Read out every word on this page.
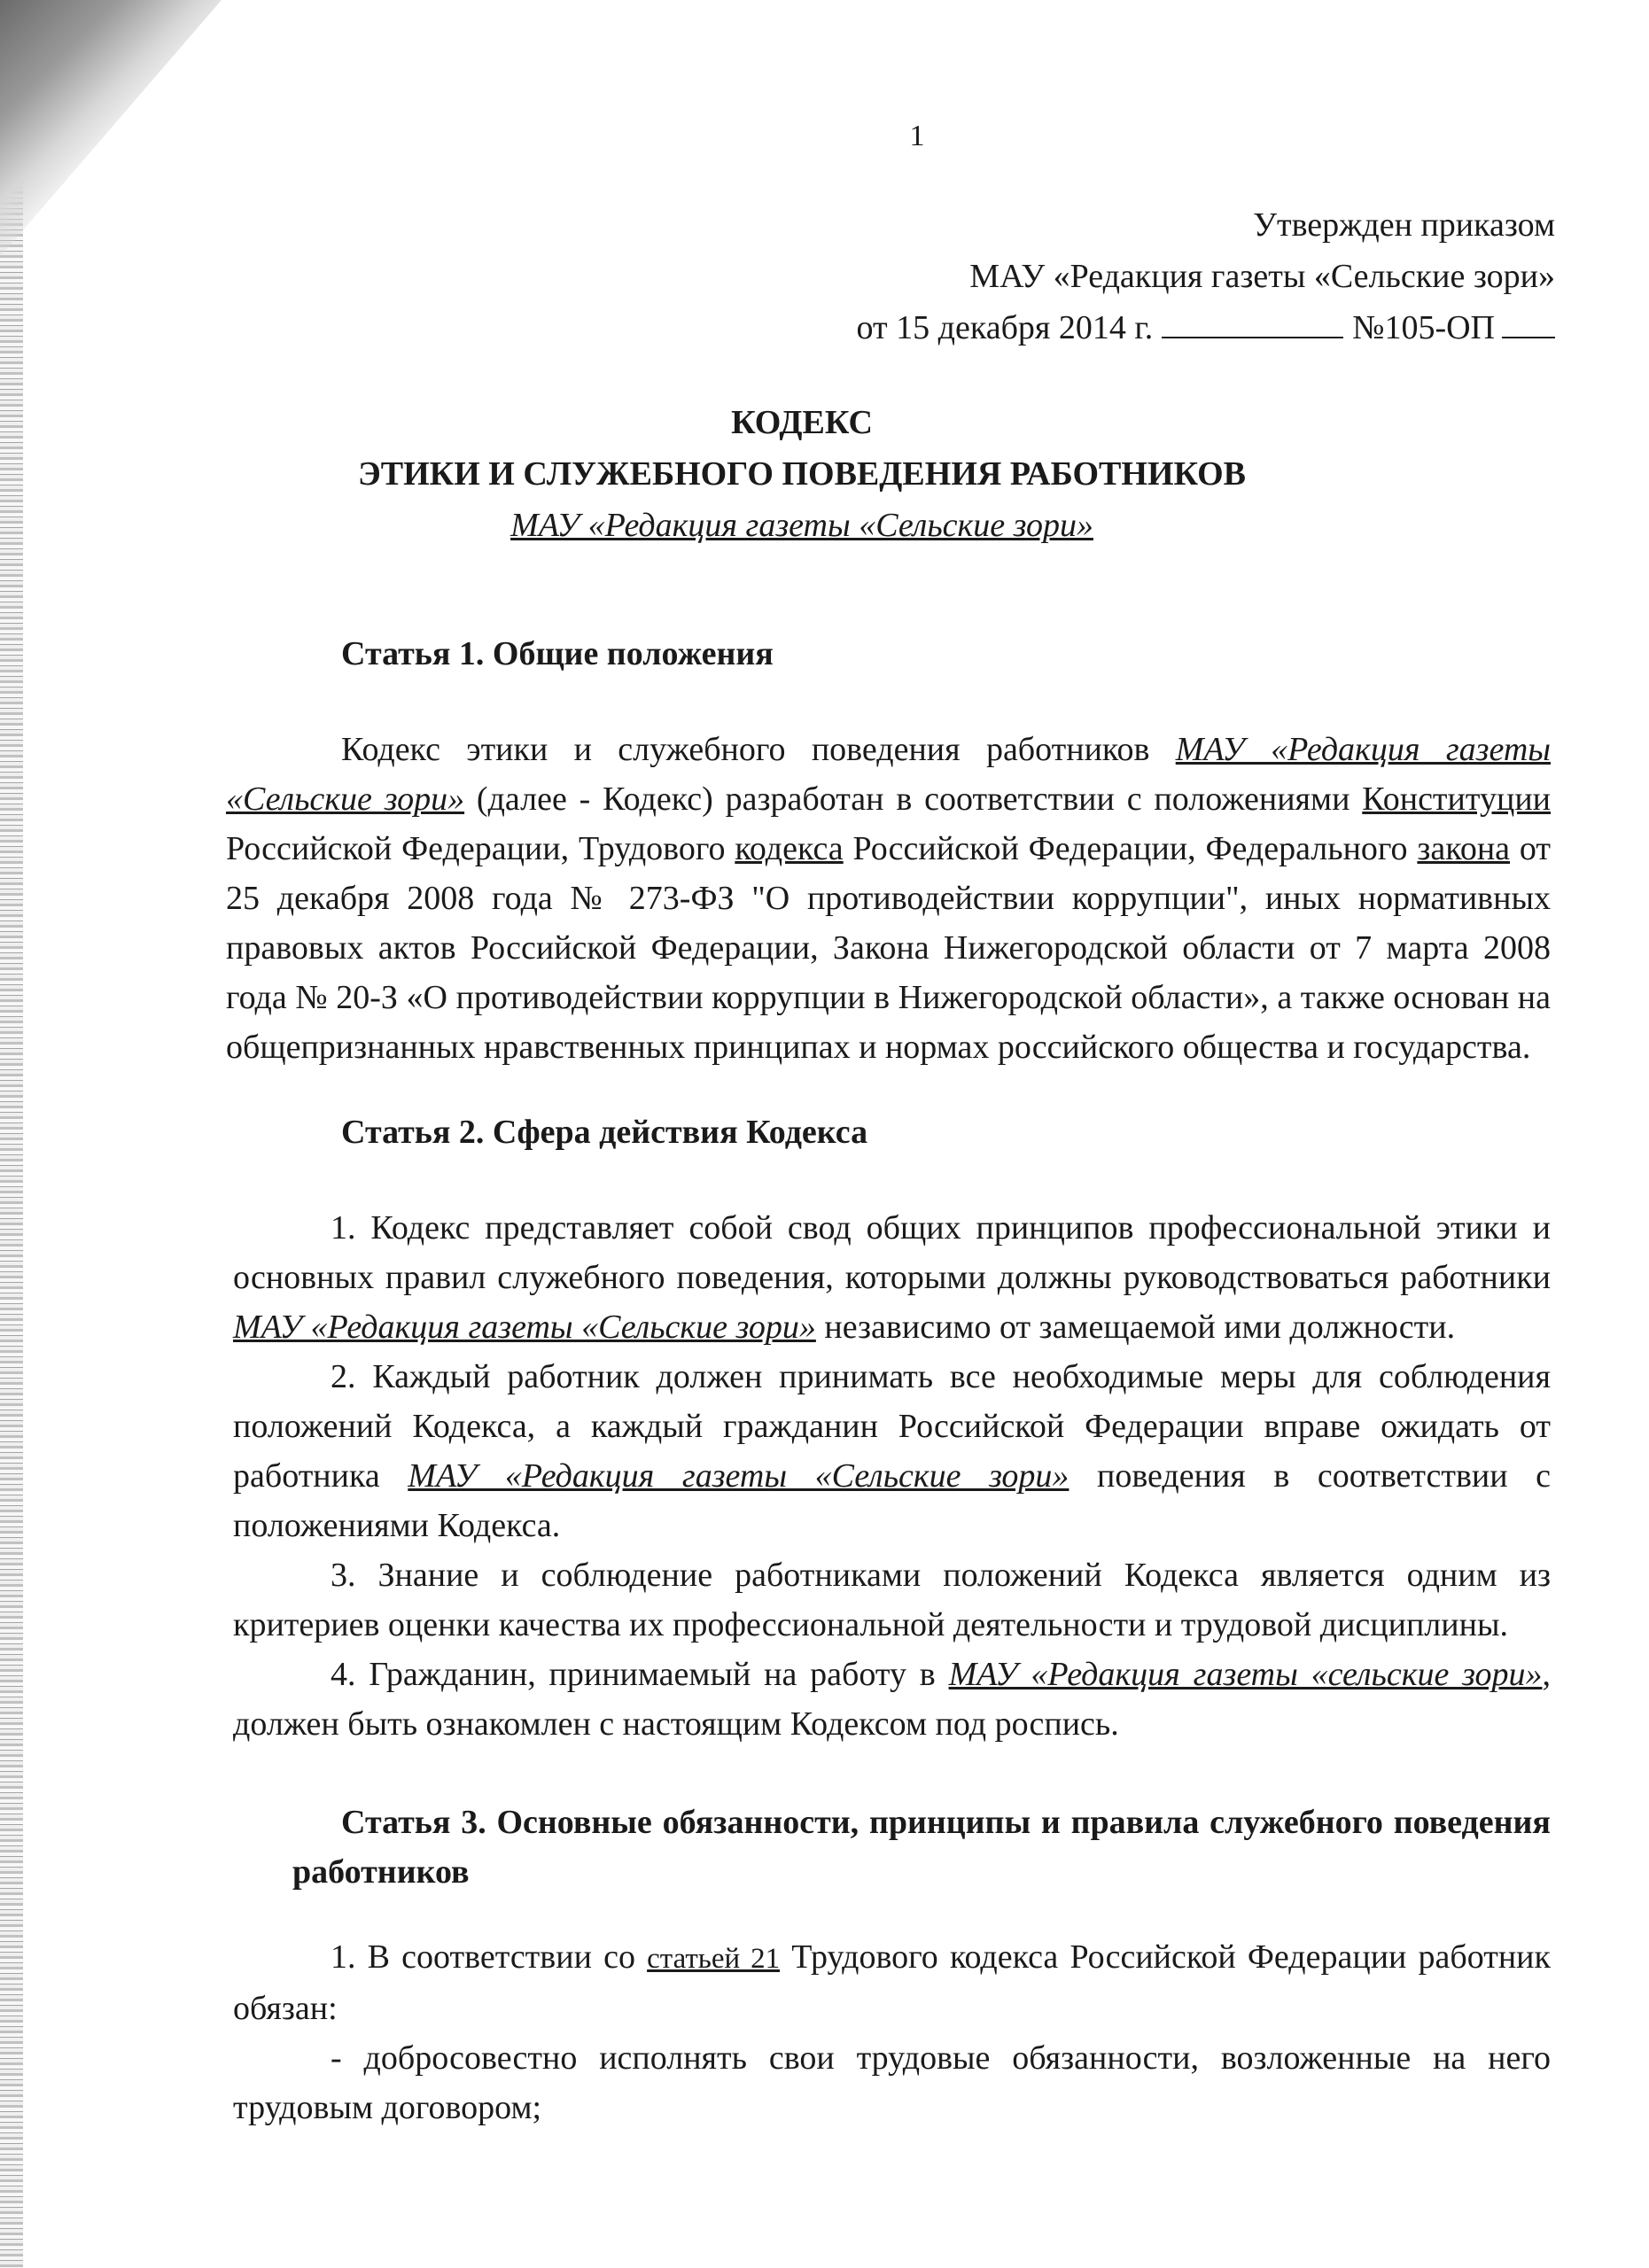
1
Утвержден приказом
МАУ «Редакция газеты «Сельские зори»
от 15 декабря 2014 г.	№105-ОП
КОДЕКС
ЭТИКИ И СЛУЖЕБНОГО ПОВЕДЕНИЯ РАБОТНИКОВ
МАУ «Редакция газеты «Сельские зори»
Статья 1. Общие положения

Кодекс этики и служебного поведения работников МАУ «Редакция газеты «Сельские зори» (далее - Кодекс) разработан в соответствии с положениями Конституции Российской Федерации, Трудового кодекса Российской Федерации, Федерального закона от 25 декабря 2008 года № 273-ФЗ "О противодействии коррупции", иных нормативных правовых актов Российской Федерации, Закона Нижегородской области от 7 марта 2008 года № 20-З «О противодействии коррупции в Нижегородской области», а также основан на общепризнанных нравственных принципах и нормах российского общества и государства.

Статья 2. Сфера действия Кодекса

1. Кодекс представляет собой свод общих принципов профессиональной этики и основных правил служебного поведения, которыми должны руководствоваться работники МАУ «Редакция газеты «Сельские зори» независимо от замещаемой ими должности.

2. Каждый работник должен принимать все необходимые меры для соблюдения положений Кодекса, а каждый гражданин Российской Федерации вправе ожидать от работника МАУ «Редакция газеты «Сельские зори» поведения в соответствии с положениями Кодекса.

3. Знание и соблюдение работниками положений Кодекса является одним из критериев оценки качества их профессиональной деятельности и трудовой дисциплины.

4. Гражданин, принимаемый на работу в МАУ «Редакция газеты «сельские зори», должен быть ознакомлен с настоящим Кодексом под роспись.

Статья 3. Основные обязанности, принципы и правила служебного поведения работников

1. В соответствии со статьей 21 Трудового кодекса Российской Федерации работник обязан:

- добросовестно исполнять свои трудовые обязанности, возложенные на него трудовым договором;
